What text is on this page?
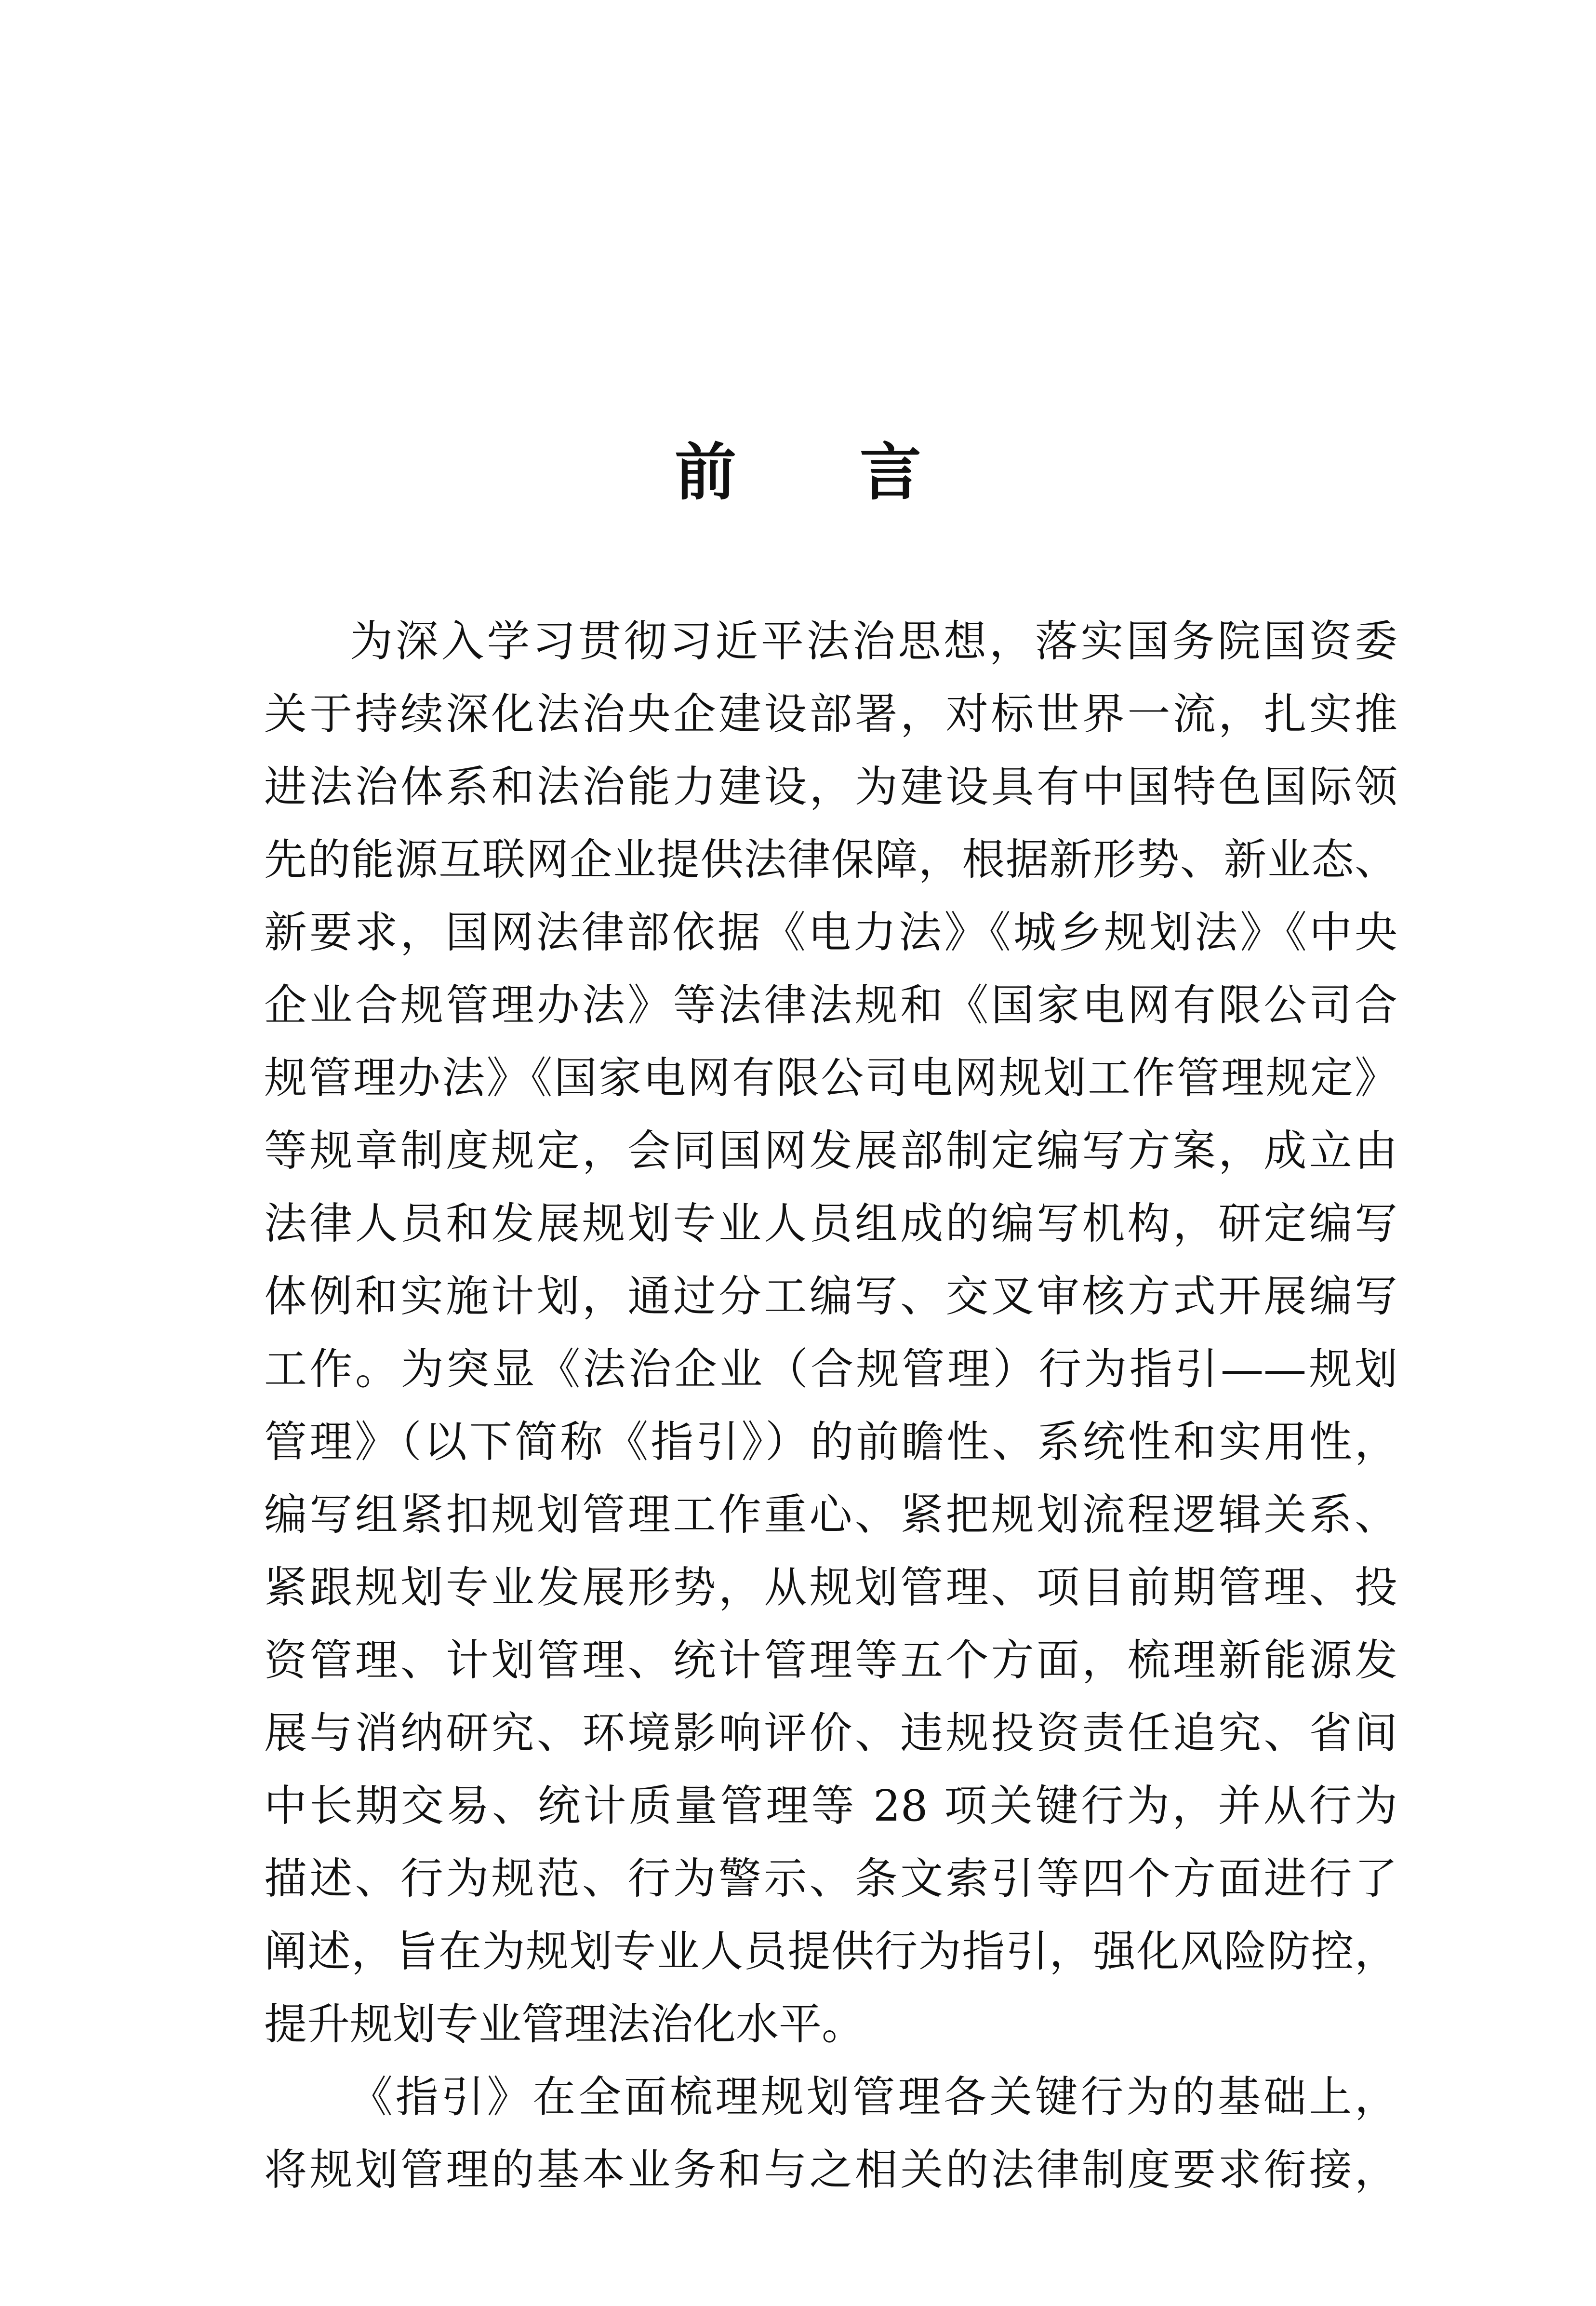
前　　言
为深入学习贯彻习近平法治思想，落实国务院国资委
关于持续深化法治央企建设部署，对标世界一流，扎实推
进法治体系和法治能力建设，为建设具有中国特色国际领
先的能源互联网企业提供法律保障，根据新形势、新业态、
新要求，国网法律部依据《电力法》《城乡规划法》《中央
企业合规管理办法》等法律法规和《国家电网有限公司合
规管理办法》《国家电网有限公司电网规划工作管理规定》
等规章制度规定，会同国网发展部制定编写方案，成立由
法律人员和发展规划专业人员组成的编写机构，研定编写
体例和实施计划，通过分工编写、交叉审核方式开展编写
工作。为突显《法治企业（合规管理）行为指引——规划
管理》（以下简称《指引》）的前瞻性、系统性和实用性，
编写组紧扣规划管理工作重心、紧把规划流程逻辑关系、
紧跟规划专业发展形势，从规划管理、项目前期管理、投
资管理、计划管理、统计管理等五个方面，梳理新能源发
展与消纳研究、环境影响评价、违规投资责任追究、省间
中长期交易、统计质量管理等 28 项关键行为，并从行为
描述、行为规范、行为警示、条文索引等四个方面进行了
阐述，旨在为规划专业人员提供行为指引，强化风险防控，
提升规划专业管理法治化水平。
《指引》在全面梳理规划管理各关键行为的基础上，
将规划管理的基本业务和与之相关的法律制度要求衔接，
